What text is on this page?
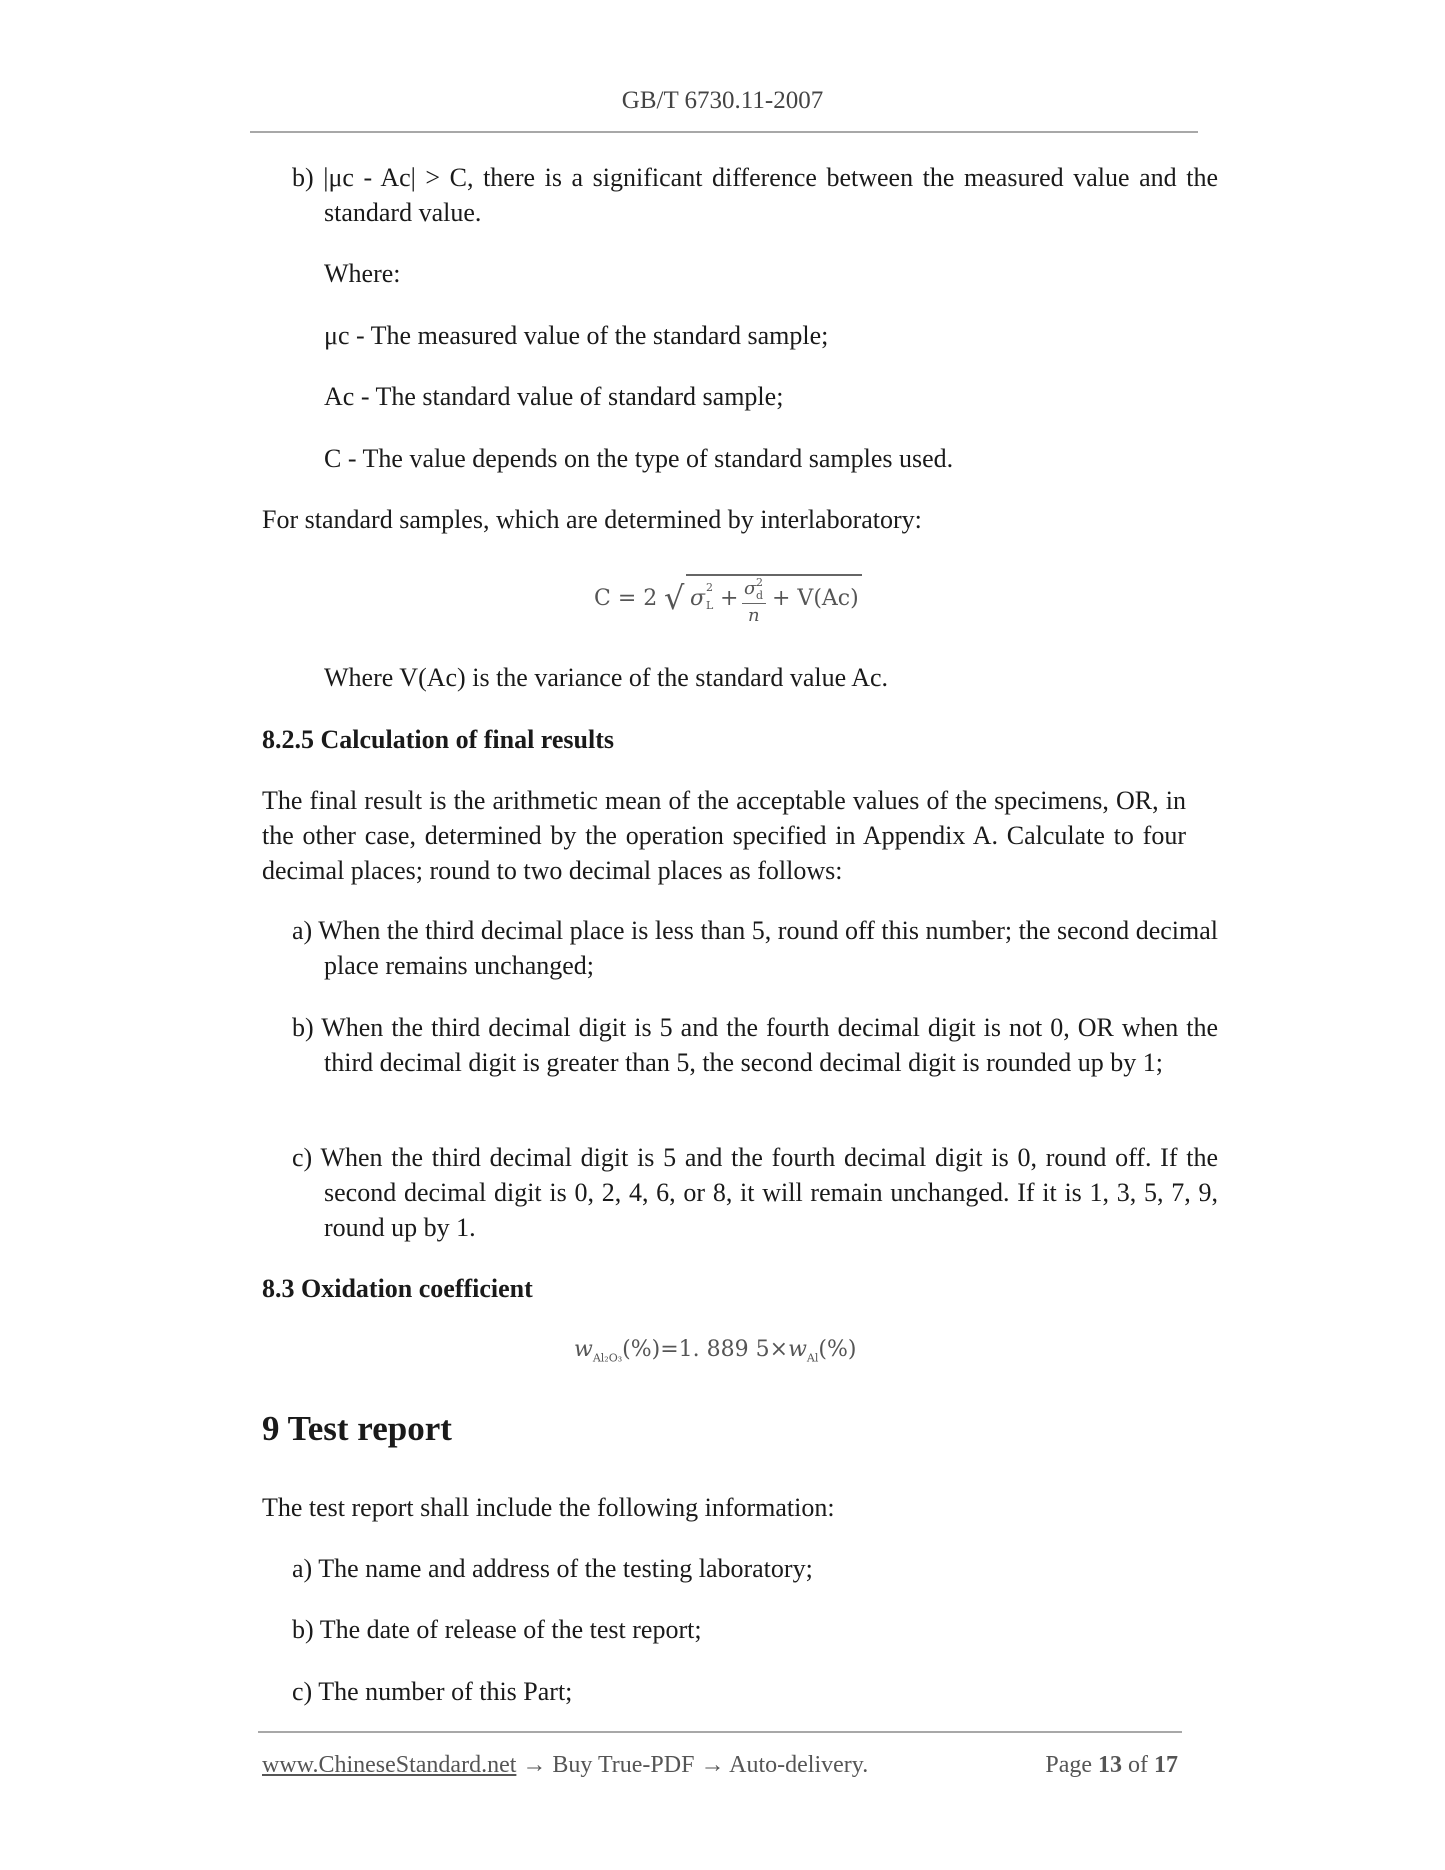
GB/T 6730.11-2007
b) |μc - Ac| > C, there is a significant difference between the measured value and the standard value.
Where:
μc - The measured value of the standard sample;
Ac - The standard value of standard sample;
C - The value depends on the type of standard samples used.
For standard samples, which are determined by interlaboratory:
C = 2 √ σ 2
L + σ 2
d
n
+ V(Ac)
Where V(Ac) is the variance of the standard value Ac.
8.2.5 Calculation of final results
The final result is the arithmetic mean of the acceptable values of the specimens, OR, in the other case, determined by the operation specified in Appendix A. Calculate to four decimal places; round to two decimal places as follows:
a) When the third decimal place is less than 5, round off this number; the second decimal place remains unchanged;
b) When the third decimal digit is 5 and the fourth decimal digit is not 0, OR when the third decimal digit is greater than 5, the second decimal digit is rounded up by 1;
c) When the third decimal digit is 5 and the fourth decimal digit is 0, round off. If the second decimal digit is 0, 2, 4, 6, or 8, it will remain unchanged. If it is 1, 3, 5, 7, 9, round up by 1.
8.3 Oxidation coefficient
$w_{Al_2O_3}(\%)=1$. 889 $5\times w_{Al}(\%)$
9 Test report
The test report shall include the following information:
a) The name and address of the testing laboratory;
b) The date of release of the test report;
c) The number of this Part;
www.ChineseStandard.net → Buy True-PDF → Auto-delivery.	Page 13 of 17
